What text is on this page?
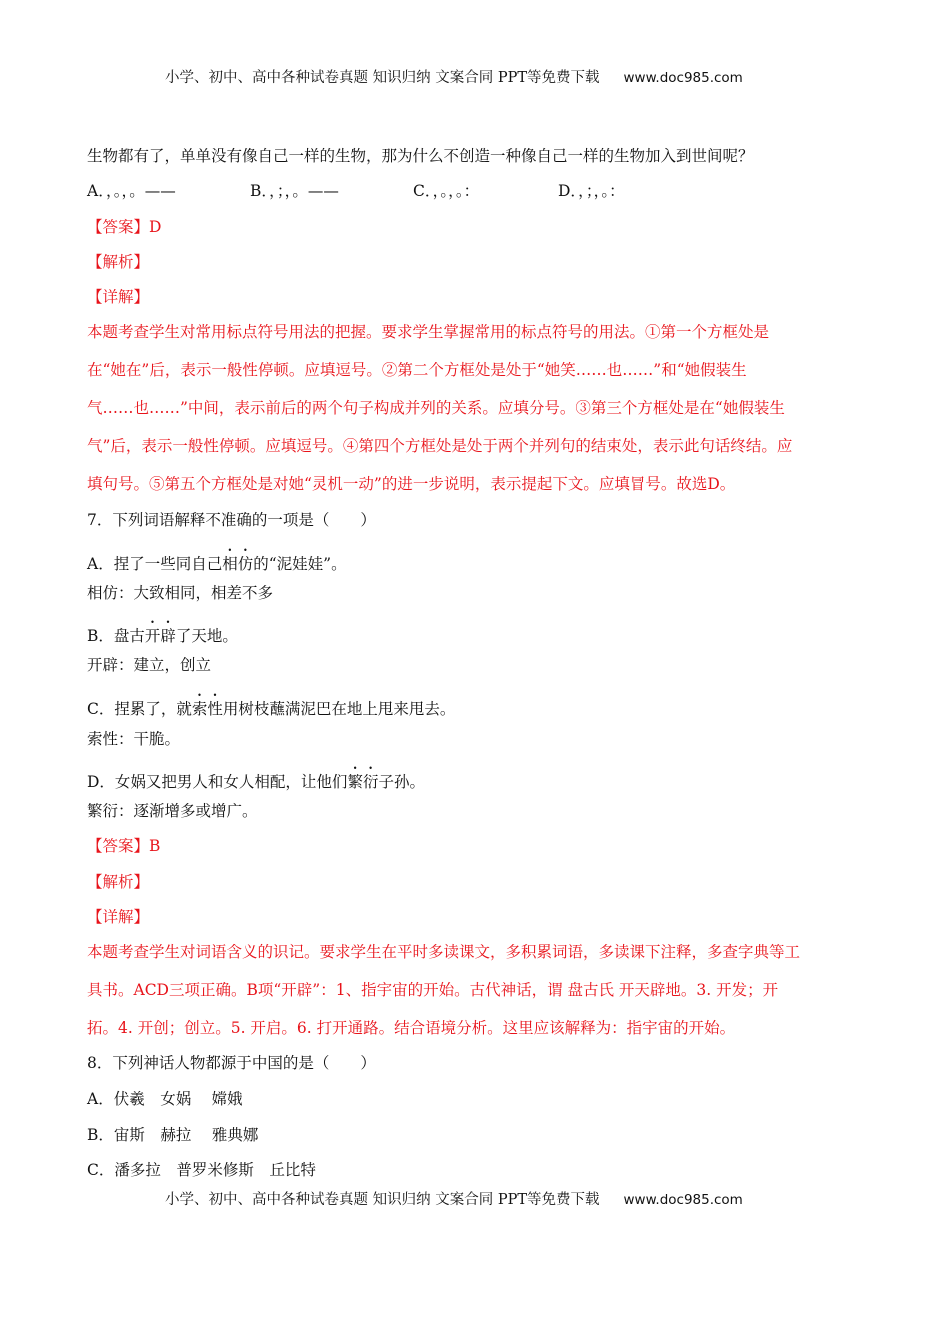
小学、初中、高中各种试卷真题 知识归纳 文案合同 PPT等免费下载 www.doc985.com
生物都有了，单单没有像自己一样的生物，那为什么不创造一种像自己一样的生物加入到世间呢？
A．，。，。——	B．，；，。——	C．，。，。：	D．，；，。：
【答案】D
【解析】
【详解】
本题考查学生对常用标点符号用法的把握。要求学生掌握常用的标点符号的用法。①第一个方框处是
在“她在”后，表示一般性停顿。应填逗号。②第二个方框处是处于“她笑……也……”和“她假装生
气……也……”中间，表示前后的两个句子构成并列的关系。应填分号。③第三个方框处是在“她假装生
气”后，表示一般性停顿。应填逗号。④第四个方框处是处于两个并列句的结束处，表示此句话终结。应
填句号。⑤第五个方框处是对她“灵机一动”的进一步说明，表示提起下文。应填冒号。故选D。
7．下列词语解释不准确的一项是（　　）
A．捏了一些同自己相仿的“泥娃娃”。
相仿：大致相同，相差不多
B．盘古开辟了天地。
开辟：建立，创立
C．捏累了，就索性用树枝蘸满泥巴在地上甩来甩去。
索性：干脆。
D．女娲又把男人和女人相配，让他们繁衍子孙。
繁衍：逐渐增多或增广。
【答案】B
【解析】
【详解】
本题考查学生对词语含义的识记。要求学生在平时多读课文，多积累词语，多读课下注释，多查字典等工
具书。ACD三项正确。B项“开辟”：1、指宇宙的开始。古代神话，谓 盘古氏 开天辟地。3. 开发；开
拓。4. 开创；创立。5. 开启。6. 打开通路。结合语境分析。这里应该解释为：指宇宙的开始。
8．下列神话人物都源于中国的是（　　）
A．伏羲　女娲　 嫦娥
B．宙斯　赫拉　 雅典娜
C．潘多拉　普罗米修斯　丘比特
小学、初中、高中各种试卷真题 知识归纳 文案合同 PPT等免费下载 www.doc985.com
